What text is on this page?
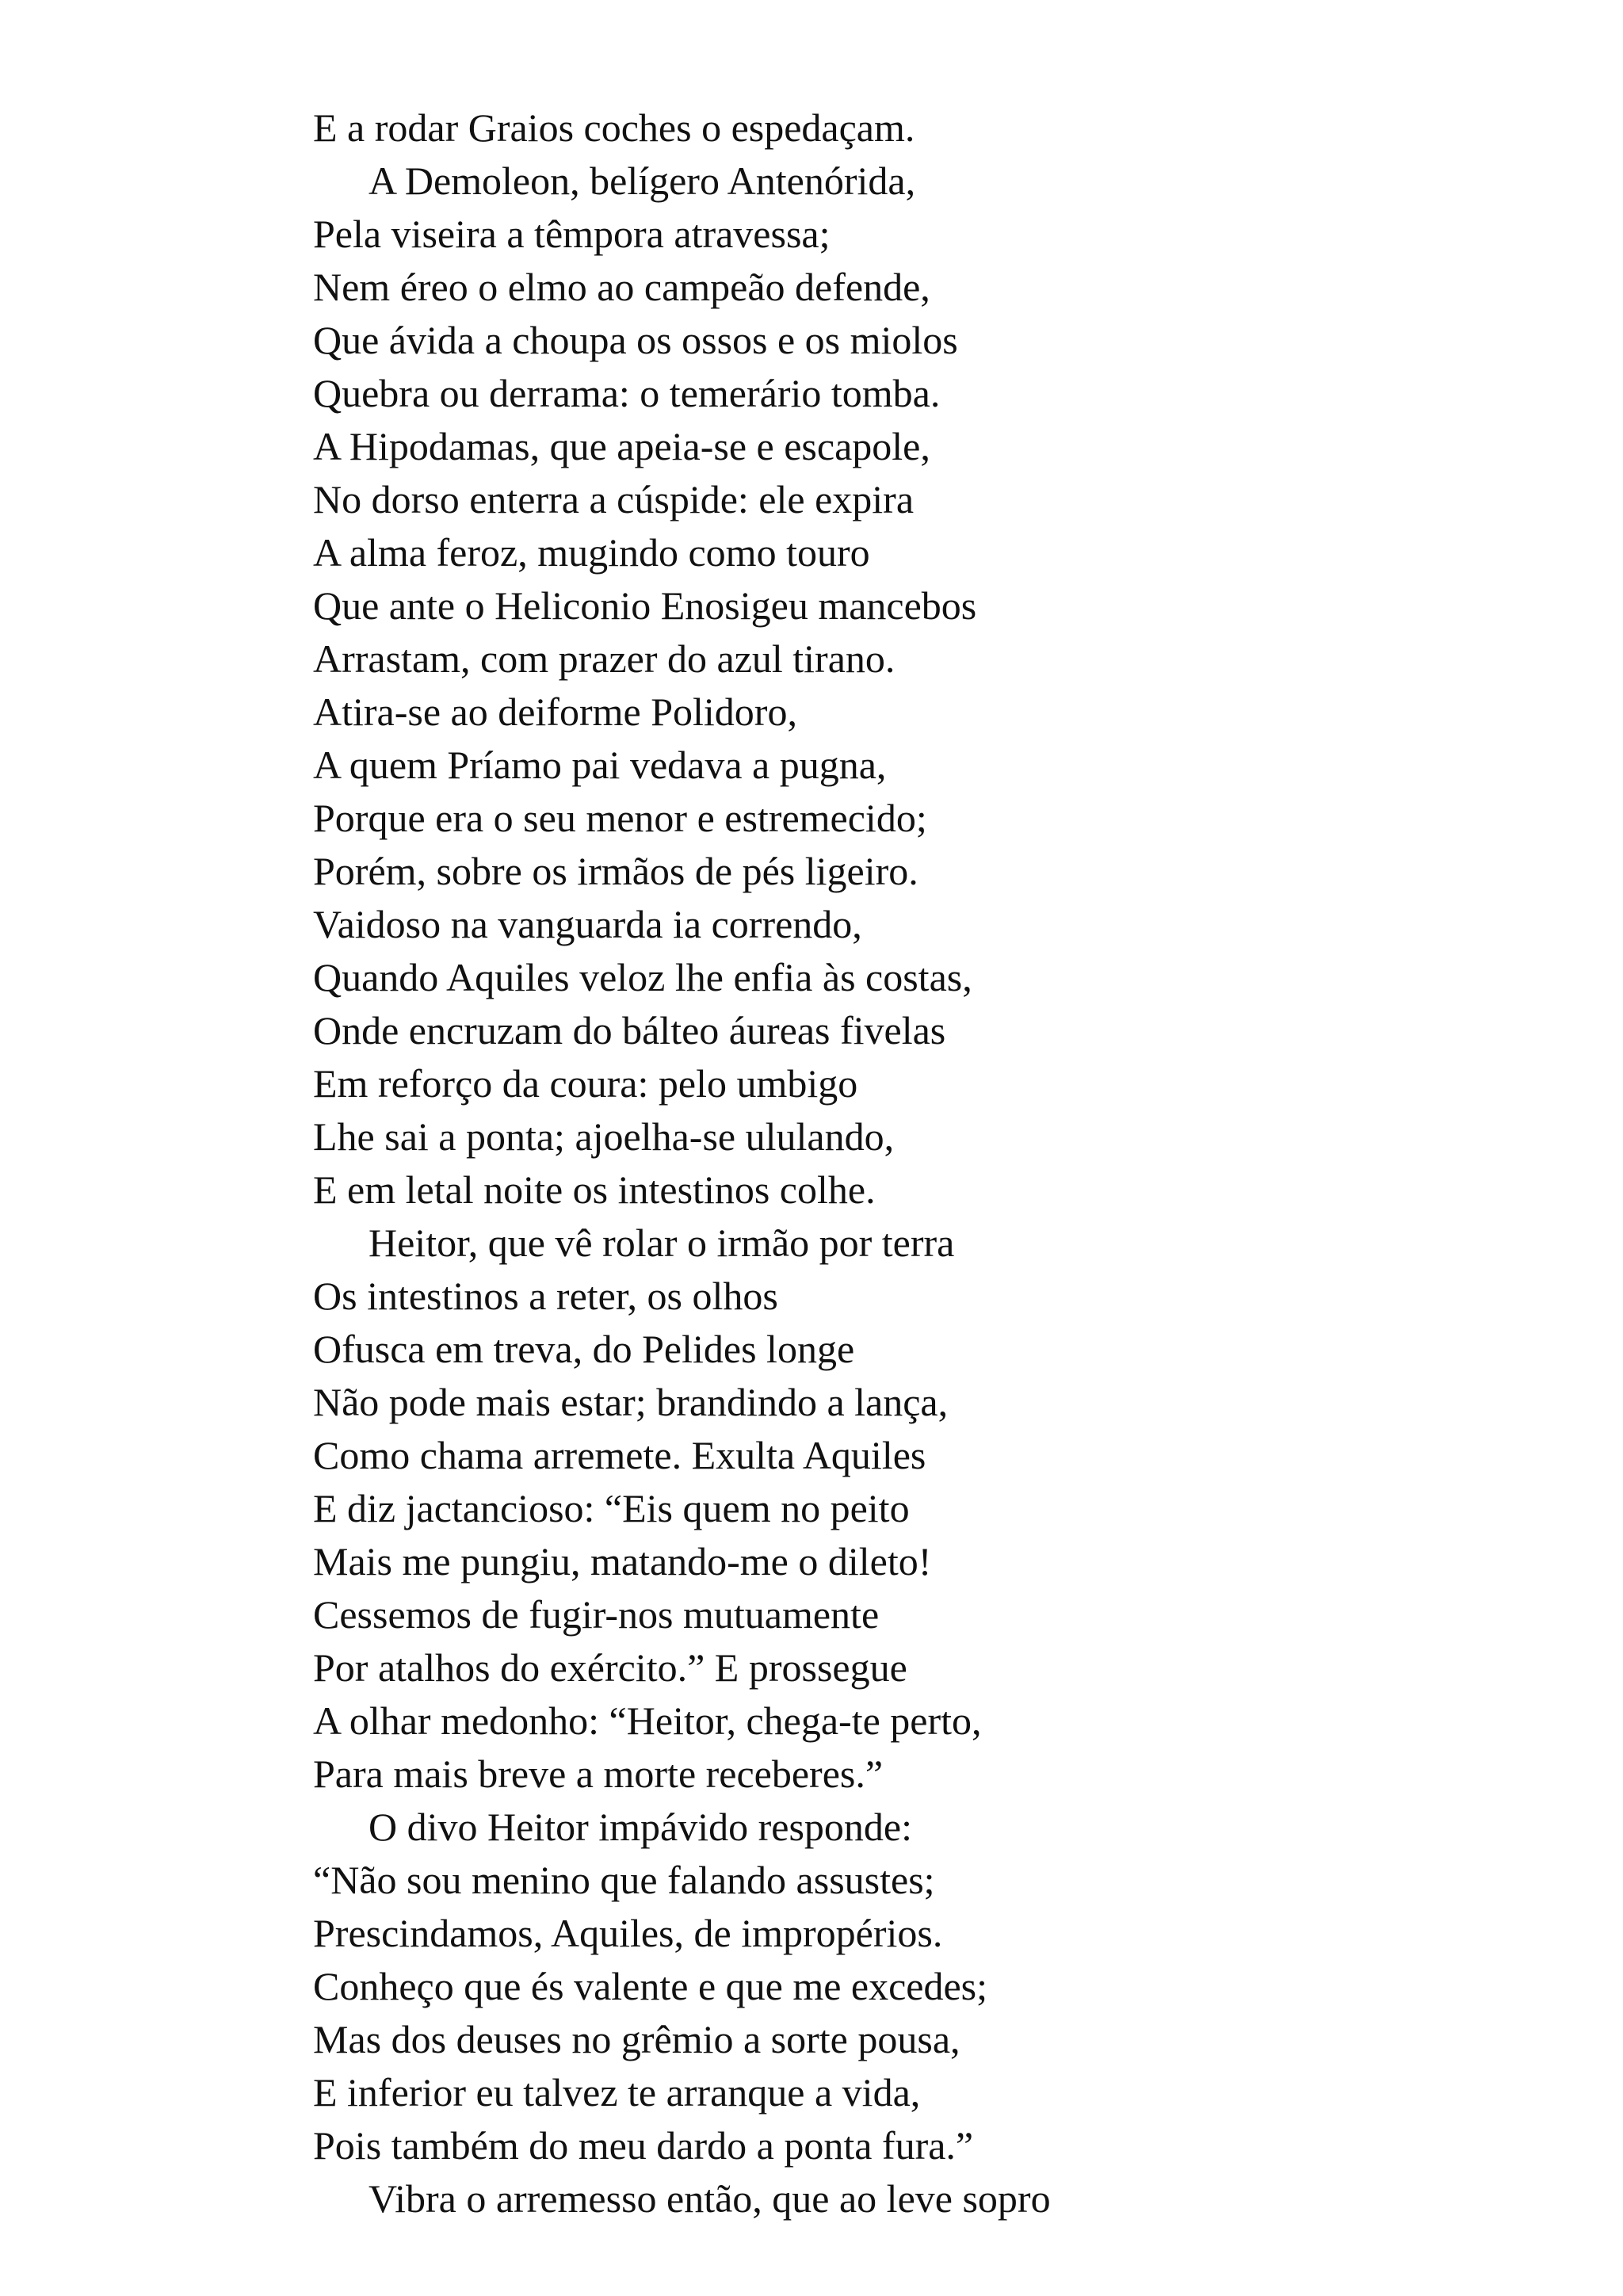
E a rodar Graios coches o espedaçam.
A Demoleon, belígero Antenórida,
Pela viseira a têmpora atravessa;
Nem éreo o elmo ao campeão defende,
Que ávida a choupa os ossos e os miolos
Quebra ou derrama: o temerário tomba.
A Hipodamas, que apeia-se e escapole,
No dorso enterra a cúspide: ele expira
A alma feroz, mugindo como touro
Que ante o Heliconio Enosigeu mancebos
Arrastam, com prazer do azul tirano.
Atira-se ao deiforme Polidoro,
A quem Príamo pai vedava a pugna,
Porque era o seu menor e estremecido;
Porém, sobre os irmãos de pés ligeiro.
Vaidoso na vanguarda ia correndo,
Quando Aquiles veloz lhe enfia às costas,
Onde encruzam do bálteo áureas fivelas
Em reforço da coura: pelo umbigo
Lhe sai a ponta; ajoelha-se ululando,
E em letal noite os intestinos colhe.
Heitor, que vê rolar o irmão por terra
Os intestinos a reter, os olhos
Ofusca em treva, do Pelides longe
Não pode mais estar; brandindo a lança,
Como chama arremete. Exulta Aquiles
E diz jactancioso: “Eis quem no peito
Mais me pungiu, matando-me o dileto!
Cessemos de fugir-nos mutuamente
Por atalhos do exército.” E prossegue
A olhar medonho: “Heitor, chega-te perto,
Para mais breve a morte receberes.”
O divo Heitor impávido responde:
“Não sou menino que falando assustes;
Prescindamos, Aquiles, de impropérios.
Conheço que és valente e que me excedes;
Mas dos deuses no grêmio a sorte pousa,
E inferior eu talvez te arranque a vida,
Pois também do meu dardo a ponta fura.”
Vibra o arremesso então, que ao leve sopro
